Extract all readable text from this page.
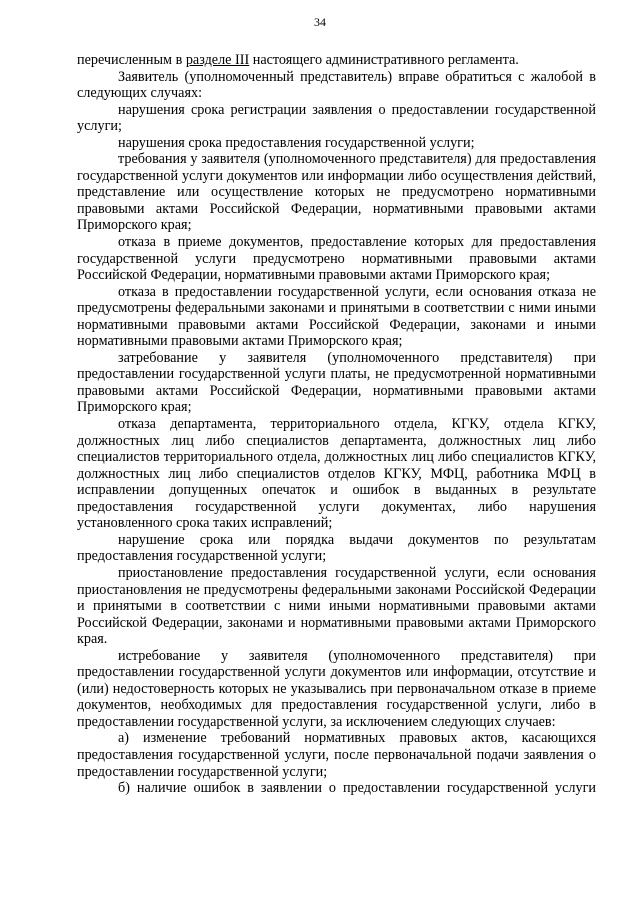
34

перечисленным в разделе III настоящего административного регламента.

Заявитель (уполномоченный представитель) вправе обратиться с жалобой в следующих случаях:

нарушения срока регистрации заявления о предоставлении государственной услуги;

нарушения срока предоставления государственной услуги;

требования у заявителя (уполномоченного представителя) для предоставления государственной услуги документов или информации либо осуществления действий, представление или осуществление которых не предусмотрено нормативными правовыми актами Российской Федерации, нормативными правовыми актами Приморского края;

отказа в приеме документов, предоставление которых для предоставления государственной услуги предусмотрено нормативными правовыми актами Российской Федерации, нормативными правовыми актами Приморского края;

отказа в предоставлении государственной услуги, если основания отказа не предусмотрены федеральными законами и принятыми в соответствии с ними иными нормативными правовыми актами Российской Федерации, законами и иными нормативными правовыми актами Приморского края;

затребование у заявителя (уполномоченного представителя) при предоставлении государственной услуги платы, не предусмотренной нормативными правовыми актами Российской Федерации, нормативными правовыми актами Приморского края;

отказа департамента, территориального отдела, КГКУ, отдела КГКУ, должностных лиц либо специалистов департамента, должностных лиц либо специалистов территориального отдела, должностных лиц либо специалистов КГКУ, должностных лиц либо специалистов отделов КГКУ, МФЦ, работника МФЦ в исправлении допущенных опечаток и ошибок в выданных в результате предоставления государственной услуги документах, либо нарушения установленного срока таких исправлений;

нарушение срока или порядка выдачи документов по результатам предоставления государственной услуги;

приостановление предоставления государственной услуги, если основания приостановления не предусмотрены федеральными законами Российской Федерации и принятыми в соответствии с ними иными нормативными правовыми актами Российской Федерации, законами и нормативными правовыми актами Приморского края.

истребование у заявителя (уполномоченного представителя) при предоставлении государственной услуги документов или информации, отсутствие и (или) недостоверность которых не указывались при первоначальном отказе в приеме документов, необходимых для предоставления государственной услуги, либо в предоставлении государственной услуги, за исключением следующих случаев:

а) изменение требований нормативных правовых актов, касающихся предоставления государственной услуги, после первоначальной подачи заявления о предоставлении государственной услуги;

б) наличие ошибок в заявлении о предоставлении государственной услуги
